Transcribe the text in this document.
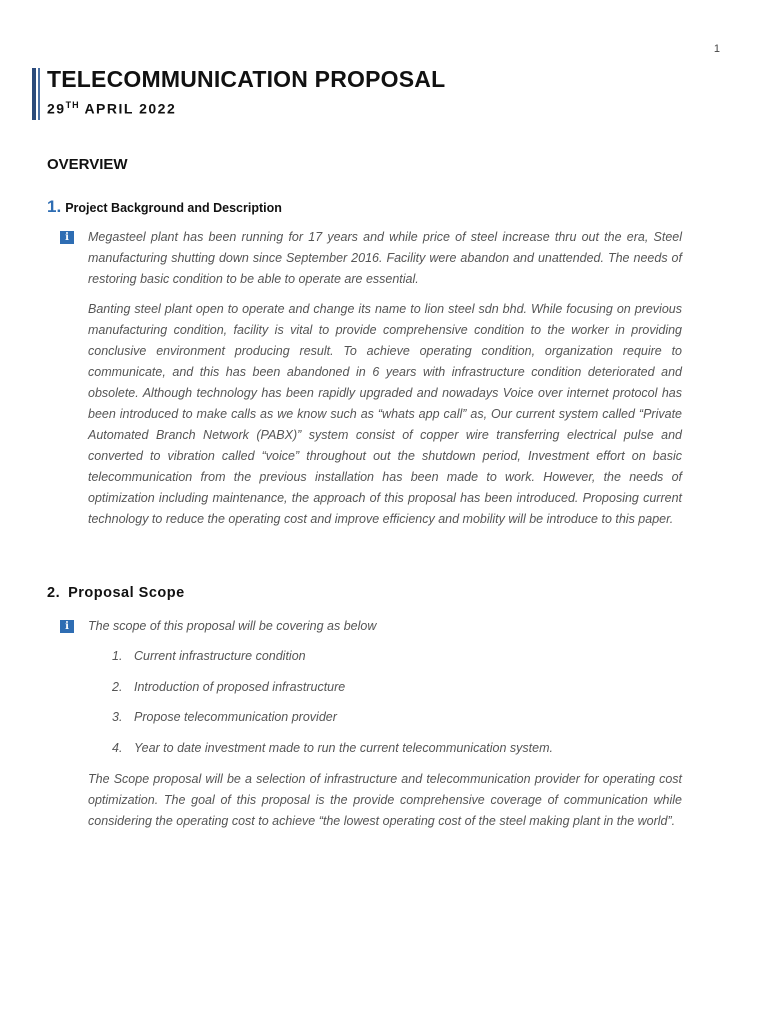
1
TELECOMMUNICATION PROPOSAL

29TH APRIL 2022

OVERVIEW
1. Project Background and Description
i	Megasteel plant has been running for 17 years and while price of steel increase thru out the era, Steel manufacturing shutting down since September 2016. Facility were abandon and unattended. The needs of restoring basic condition to be able to operate are essential.

Banting steel plant open to operate and change its name to lion steel sdn bhd. While focusing on previous manufacturing condition, facility is vital to provide comprehensive condition to the worker in providing conclusive environment producing result. To achieve operating condition, organization require to communicate, and this has been abandoned in 6 years with infrastructure condition deteriorated and obsolete. Although technology has been rapidly upgraded and nowadays Voice over internet protocol has been introduced to make calls as we know such as “whats app call” as, Our current system called “Private Automated Branch Network (PABX)” system consist of copper wire transferring electrical pulse and converted to vibration called “voice” throughout out the shutdown period, Investment effort on basic telecommunication from the previous installation has been made to work. However, the needs of optimization including maintenance, the approach of this proposal has been introduced. Proposing current technology to reduce the operating cost and improve efficiency and mobility will be introduce to this paper.

2. Proposal Scope
i	The scope of this proposal will be covering as below

1. Current infrastructure condition
2. Introduction of proposed infrastructure
3. Propose telecommunication provider
4. Year to date investment made to run the current telecommunication system.

The Scope proposal will be a selection of infrastructure and telecommunication provider for operating cost optimization. The goal of this proposal is the provide comprehensive coverage of communication while considering the operating cost to achieve “the lowest operating cost of the steel making plant in the world”.
